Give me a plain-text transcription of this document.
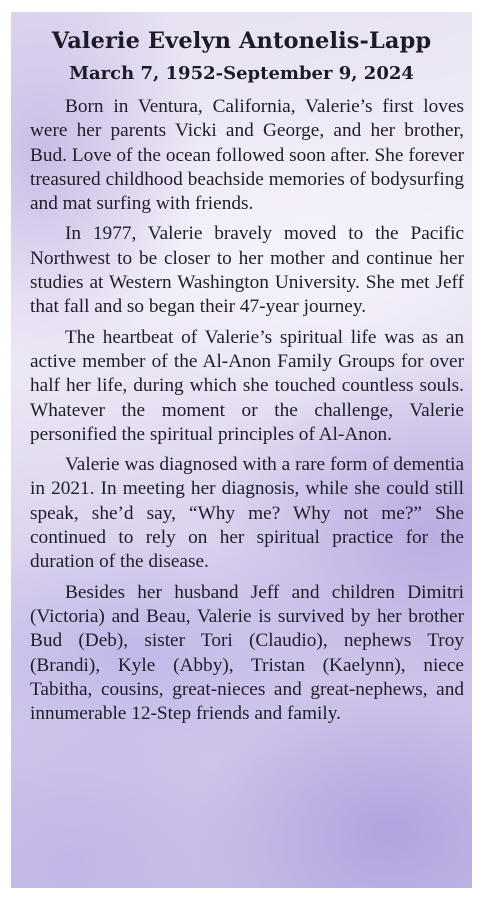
Valerie Evelyn Antonelis-Lapp
March 7, 1952-September 9, 2024

Born in Ventura, California, Valerie’s first loves were her parents Vicki and George, and her brother, Bud. Love of the ocean followed soon after. She forever treasured childhood beachside memories of bodysurfing and mat surfing with friends.

In 1977, Valerie bravely moved to the Pacific Northwest to be closer to her mother and continue her studies at Western Washington University. She met Jeff that fall and so began their 47-year journey.

The heartbeat of Valerie’s spiritual life was as an active member of the Al-Anon Family Groups for over half her life, during which she touched countless souls. Whatever the moment or the challenge, Valerie personified the spiritual principles of Al-Anon.

Valerie was diagnosed with a rare form of dementia in 2021. In meeting her diagnosis, while she could still speak, she’d say, “Why me? Why not me?” She continued to rely on her spiritual practice for the duration of the disease.

Besides her husband Jeff and children Dimitri (Victoria) and Beau, Valerie is survived by her brother Bud (Deb), sister Tori (Claudio), nephews Troy (Brandi), Kyle (Abby), Tristan (Kaelynn), niece Tabitha, cousins, great-nieces and great-nephews, and innumerable 12-Step friends and family.
